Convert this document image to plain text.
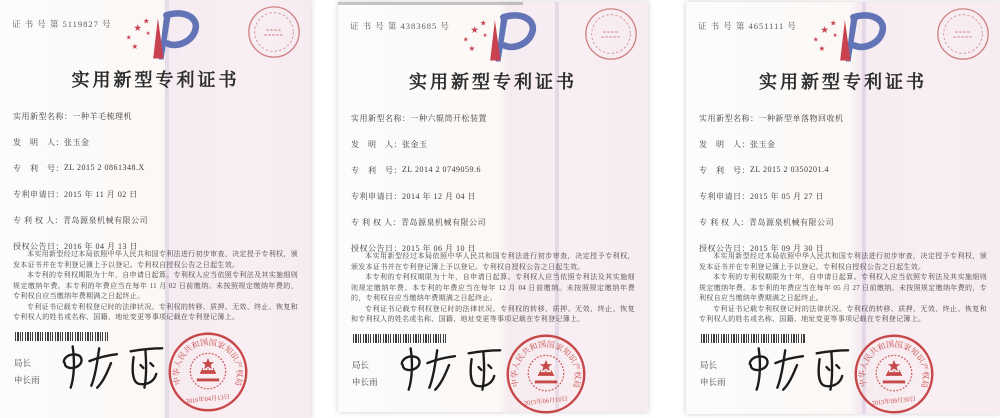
证 书 号 第 5119827 号	★
★
★
★
★
实用新型专利证书
实用新型名称： 一种羊毛梳理机
发　明　人： 张玉金
专　利　号： ZL 2015 2 0861348.X
专利申请日： 2015 年 11 月 02 日
专 利 权 人： 青岛源泉机械有限公司
授权公告日： 2016 年 04 月 13 日

本实用新型经过本局依照中华人民共和国专利法进行初步审查，决定授予专利权，颁发本证书并在专利登记簿上予以登记。专利权自授权公告之日起生效。

本专利的专利权期限为十年，自申请日起算。专利权人应当依照专利法及其实施细则规定缴纳年费。本专利的年费应当在每年 11 月 02 日前缴纳。未按照规定缴纳年费的，专利权自应当缴纳年费期满之日起终止。

专利证书记载专利权登记时的法律状况。专利权的转移、质押、无效、终止、恢复和专利权人的姓名或名称、国籍、地址变更等事项记载在专利登记簿上。

局长
申长雨	中华人民共和国国家知识产权局
2016年04月13日
证 书 号 第 4383685 号	★
★
★
★
★
实用新型专利证书
实用新型名称： 一种六辊筒开松装置
发　明　人： 张金玉
专　利　号： ZL 2014 2 0749059.6
专利申请日： 2014 年 12 月 04 日
专 利 权 人： 青岛源泉机械有限公司
授权公告日： 2015 年 06 月 10 日

本实用新型经过本局依照中华人民共和国专利法进行初步审查，决定授予专利权，颁发本证书并在专利登记簿上予以登记。专利权自授权公告之日起生效。

本专利的专利权期限为十年，自申请日起算。专利权人应当依照专利法及其实施细则规定缴纳年费。本专利的年费应当在每年 12 月 04 日前缴纳。未按照规定缴纳年费的，专利权自应当缴纳年费期满之日起终止。

专利证书记载专利权登记时的法律状况。专利权的转移、质押、无效、终止、恢复和专利权人的姓名或名称、国籍、地址变更等事项记载在专利登记簿上。

局长
申长雨	中华人民共和国国家知识产权局
2015年06月10日
证 书 号 第 4651111 号	★
★
★
★
★
实用新型专利证书
实用新型名称： 一种新型单落物回收机
发　明　人： 张玉金
专　利　号： ZL 2015 2 0350201.4
专利申请日： 2015 年 05 月 27 日
专 利 权 人： 青岛源泉机械有限公司
授权公告日： 2015 年 09 月 30 日

本实用新型经过本局依照中华人民共和国专利法进行初步审查，决定授予专利权，颁发本证书并在专利登记簿上予以登记。专利权自授权公告之日起生效。

本专利的专利权期限为十年，自申请日起算。专利权人应当依照专利法及其实施细则规定缴纳年费。本专利的年费应当在每年 05 月 27 日前缴纳。未按照规定缴纳年费的，专利权自应当缴纳年费期满之日起终止。

专利证书记载专利权登记时的法律状况。专利权的转移、质押、无效、终止、恢复和专利权人的姓名或名称、国籍、地址变更等事项记载在专利登记簿上。

局长
申长雨	中华人民共和国国家知识产权局
2015年09月30日
